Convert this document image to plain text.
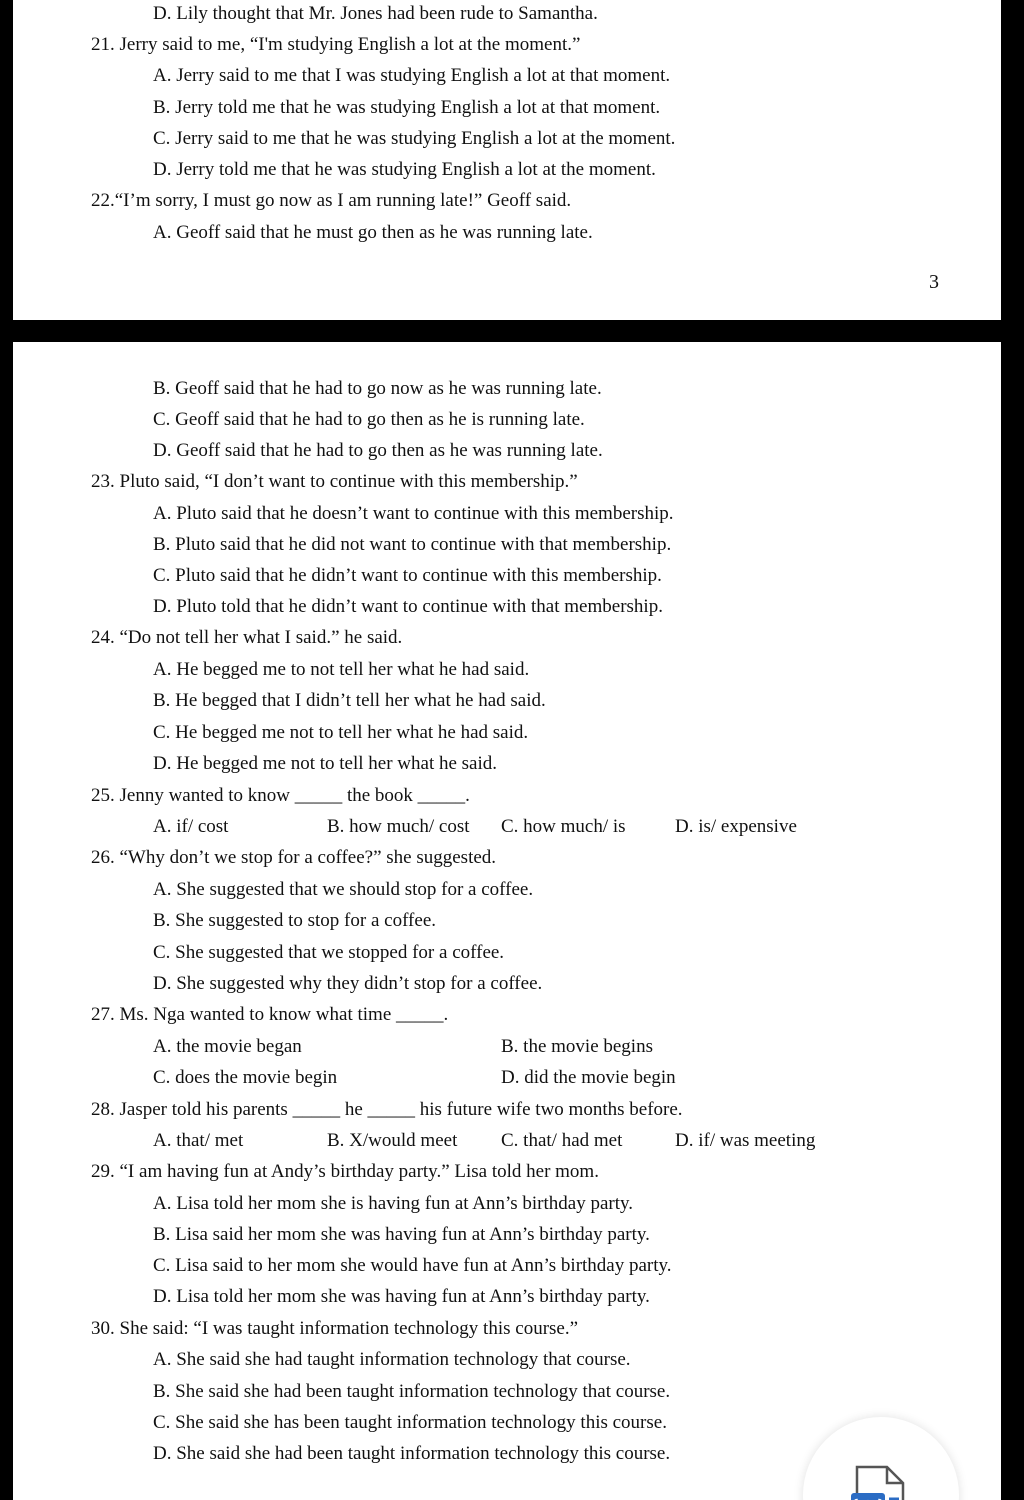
D. Lily thought that Mr. Jones had been rude to Samantha.
21. Jerry said to me, “I'm studying English a lot at the moment.”
A. Jerry said to me that I was studying English a lot at that moment.
B. Jerry told me that he was studying English a lot at that moment.
C. Jerry said to me that he was studying English a lot at the moment.
D. Jerry told me that he was studying English a lot at the moment.
22.“I’m sorry, I must go now as I am running late!” Geoff said.
A. Geoff said that he must go then as he was running late.
3
B. Geoff said that he had to go now as he was running late.
C. Geoff said that he had to go then as he is running late.
D. Geoff said that he had to go then as he was running late.
23. Pluto said, “I don’t want to continue with this membership.”
A. Pluto said that he doesn’t want to continue with this membership.
B. Pluto said that he did not want to continue with that membership.
C. Pluto said that he didn’t want to continue with this membership.
D. Pluto told that he didn’t want to continue with that membership.
24. “Do not tell her what I said.” he said.
A. He begged me to not tell her what he had said.
B. He begged that I didn’t tell her what he had said.
C. He begged me not to tell her what he had said.
D. He begged me not to tell her what he said.
25. Jenny wanted to know _____ the book _____.
A. if/ cost	B. how much/ cost C. how much/ is	D. is/ expensive
26. “Why don’t we stop for a coffee?” she suggested.
A. She suggested that we should stop for a coffee.
B. She suggested to stop for a coffee.
C. She suggested that we stopped for a coffee.
D. She suggested why they didn’t stop for a coffee.
27. Ms. Nga wanted to know what time _____.
A. the movie began	B. the movie begins
C. does the movie begin	D. did the movie begin
28. Jasper told his parents _____ he _____ his future wife two months before.
A. that/ met	B. X/would meet C. that/ had met	D. if/ was meeting
29. “I am having fun at Andy’s birthday party.” Lisa told her mom.
A. Lisa told her mom she is having fun at Ann’s birthday party.
B. Lisa said her mom she was having fun at Ann’s birthday party.
C. Lisa said to her mom she would have fun at Ann’s birthday party.
D. Lisa told her mom she was having fun at Ann’s birthday party.
30. She said: “I was taught information technology this course.”
A. She said she had taught information technology that course.
B. She said she had been taught information technology that course.
C. She said she has been taught information technology this course.
D. She said she had been taught information technology this course.
